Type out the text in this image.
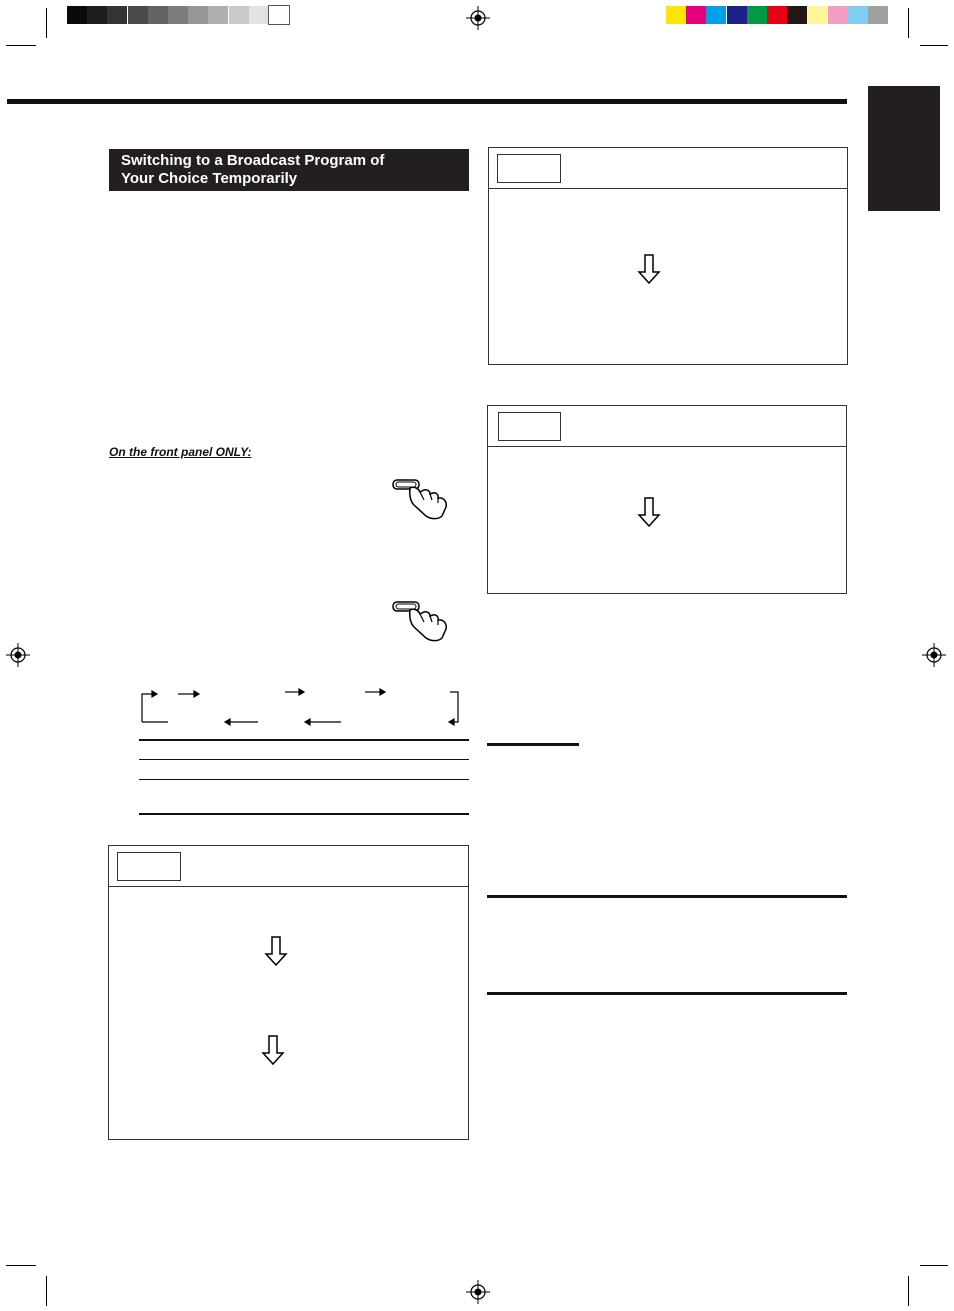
Switching to a Broadcast Program of
Your Choice Temporarily
On the front panel ONLY:
